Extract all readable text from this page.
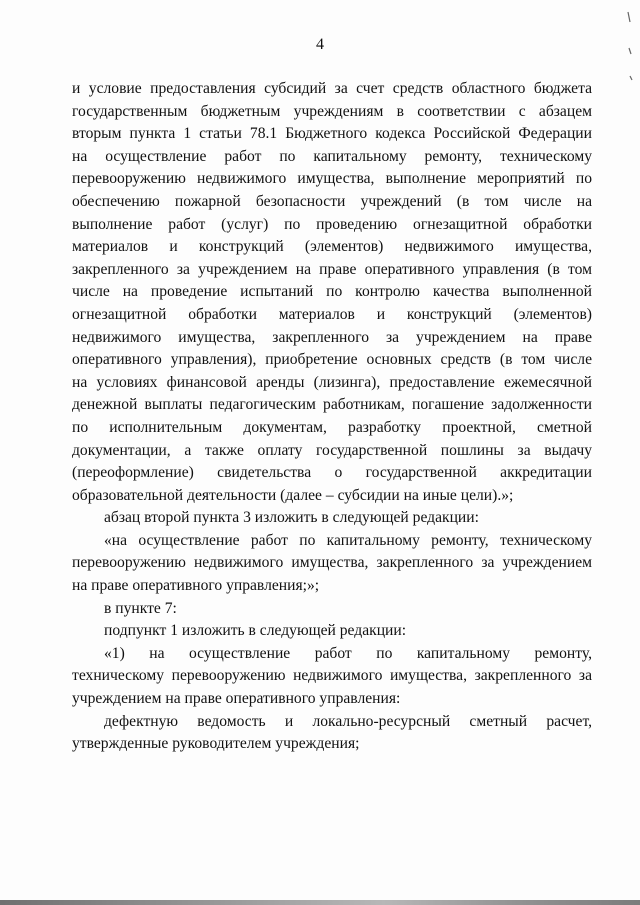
4
и условие предоставления субсидий за счет средств областного бюджета
государственным бюджетным учреждениям в соответствии с абзацем
вторым пункта 1 статьи 78.1 Бюджетного кодекса Российской Федерации
на осуществление работ по капитальному ремонту, техническому
перевооружению недвижимого имущества, выполнение мероприятий по
обеспечению пожарной безопасности учреждений (в том числе на
выполнение работ (услуг) по проведению огнезащитной обработки
материалов и конструкций (элементов) недвижимого имущества,
закрепленного за учреждением на праве оперативного управления (в том
числе на проведение испытаний по контролю качества выполненной
огнезащитной обработки материалов и конструкций (элементов)
недвижимого имущества, закрепленного за учреждением на праве
оперативного управления), приобретение основных средств (в том числе
на условиях финансовой аренды (лизинга), предоставление ежемесячной
денежной выплаты педагогическим работникам, погашение задолженности
по исполнительным документам, разработку проектной, сметной
документации, а также оплату государственной пошлины за выдачу
(переоформление) свидетельства о государственной аккредитации
образовательной деятельности (далее – субсидии на иные цели).»;
абзац второй пункта 3 изложить в следующей редакции:
«на осуществление работ по капитальному ремонту, техническому
перевооружению недвижимого имущества, закрепленного за учреждением
на праве оперативного управления;»;
в пункте 7:
подпункт 1 изложить в следующей редакции:
«1) на осуществление работ по капитальному ремонту,
техническому перевооружению недвижимого имущества, закрепленного за
учреждением на праве оперативного управления:
дефектную ведомость и локально-ресурсный сметный расчет,
утвержденные руководителем учреждения;
